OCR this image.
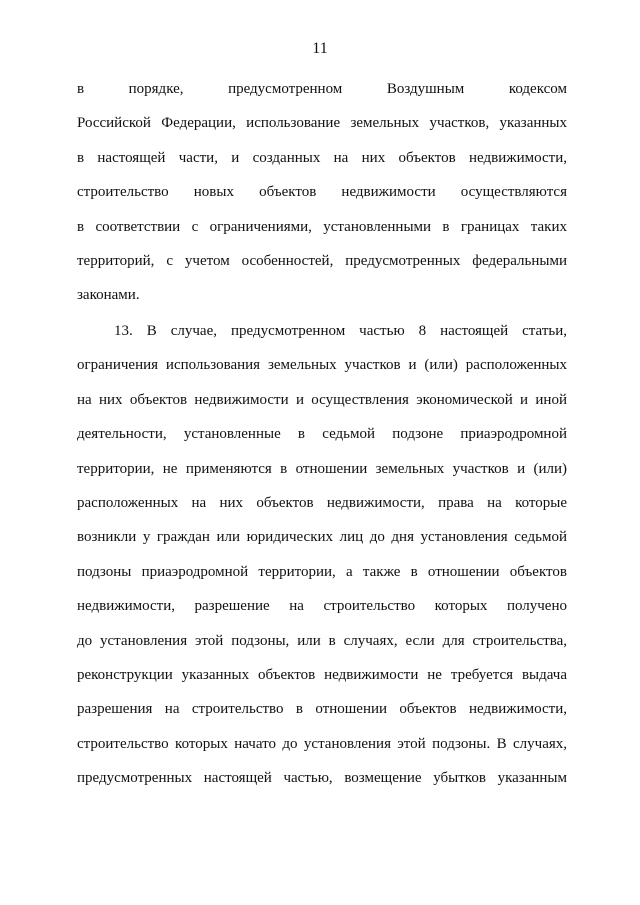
11
в порядке, предусмотренном Воздушным кодексом
Российской Федерации, использование земельных участков, указанных
в настоящей части, и созданных на них объектов недвижимости,
строительство новых объектов недвижимости осуществляются
в соответствии с ограничениями, установленными в границах таких
территорий, с учетом особенностей, предусмотренных федеральными
законами.
13. В случае, предусмотренном частью 8 настоящей статьи,
ограничения использования земельных участков и (или) расположенных
на них объектов недвижимости и осуществления экономической и иной
деятельности, установленные в седьмой подзоне приаэродромной
территории, не применяются в отношении земельных участков и (или)
расположенных на них объектов недвижимости, права на которые
возникли у граждан или юридических лиц до дня установления седьмой
подзоны приаэродромной территории, а также в отношении объектов
недвижимости, разрешение на строительство которых получено
до установления этой подзоны, или в случаях, если для строительства,
реконструкции указанных объектов недвижимости не требуется выдача
разрешения на строительство в отношении объектов недвижимости,
строительство которых начато до установления этой подзоны. В случаях,
предусмотренных настоящей частью, возмещение убытков указанным
